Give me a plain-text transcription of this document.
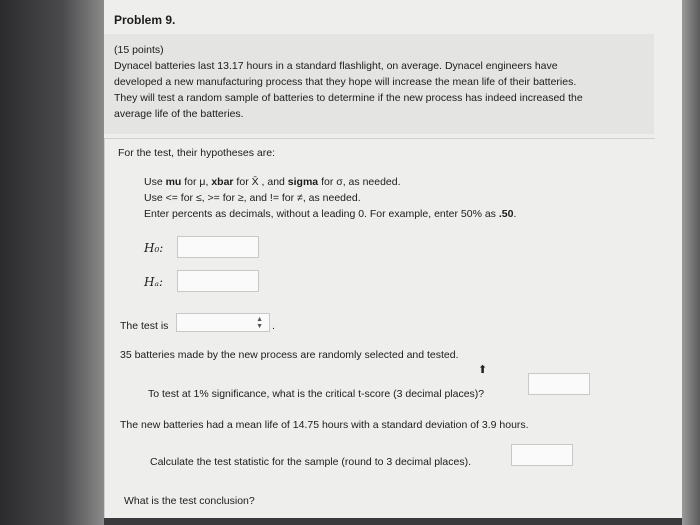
Problem 9.

(15 points)

Dynacel batteries last 13.17 hours in a standard flashlight, on average. Dynacel engineers have

developed a new manufacturing process that they hope will increase the mean life of their batteries.

They will test a random sample of batteries to determine if the new process has indeed increased the

average life of the batteries.

For the test, their hypotheses are:
Use mu for μ, xbar for X̄ , and sigma for σ, as needed.
Use <= for ≤, >= for ≥, and != for ≠, as needed.
Enter percents as decimals, without a leading 0. For example, enter 50% as .50.
H₀:
Hₐ:
The test is
▲
▼ .
35 batteries made by the new process are randomly selected and tested.
⬆
To test at 1% significance, what is the critical t-score (3 decimal places)?
The new batteries had a mean life of 14.75 hours with a standard deviation of 3.9 hours.
Calculate the test statistic for the sample (round to 3 decimal places).
What is the test conclusion?
